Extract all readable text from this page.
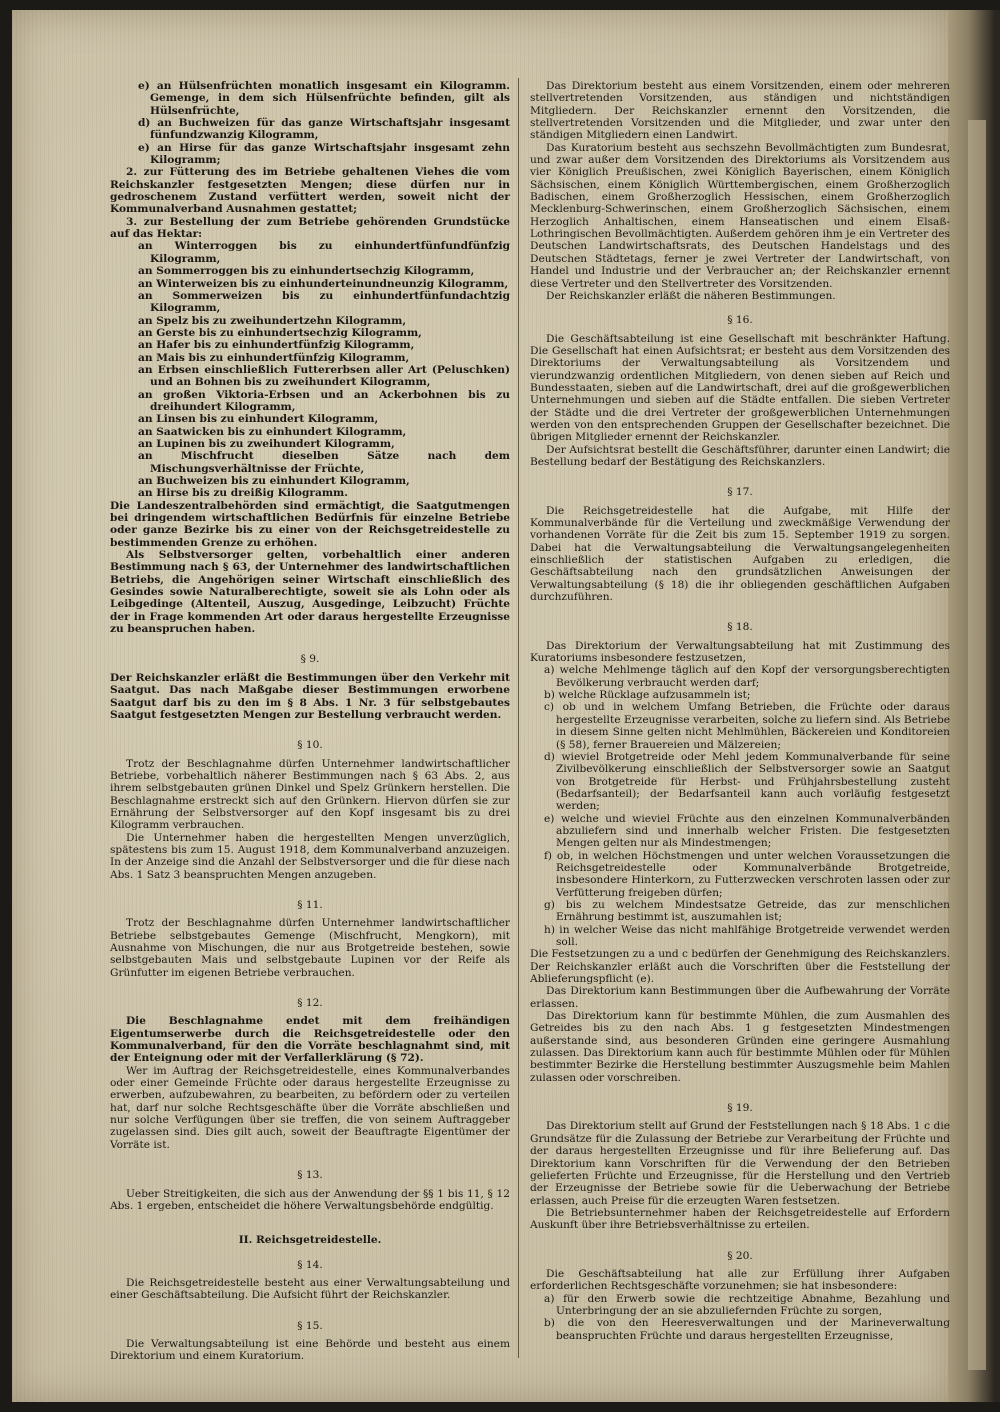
e) an Hülsenfrüchten monatlich insgesamt ein Kilogramm. Gemenge, in dem sich Hülsenfrüchte befinden, gilt als Hülsenfrüchte,

d) an Buchweizen für das ganze Wirtschaftsjahr insgesamt fünfundzwanzig Kilogramm,

e) an Hirse für das ganze Wirtschaftsjahr insgesamt zehn Kilogramm;

2. zur Fütterung des im Betriebe gehaltenen Viehes die vom Reichskanzler festgesetzten Mengen; diese dürfen nur in gedroschenem Zustand verfüttert werden, soweit nicht der Kommunalverband Ausnahmen gestattet;

3. zur Bestellung der zum Betriebe gehörenden Grundstücke auf das Hektar:

an Winterroggen bis zu einhundertfünfundfünfzig Kilogramm,

an Sommerroggen bis zu einhundertsechzig Kilogramm,

an Winterweizen bis zu einhunderteinundneunzig Kilogramm,

an Sommerweizen bis zu einhundertfünfundachtzig Kilogramm,

an Spelz bis zu zweihundertzehn Kilogramm,

an Gerste bis zu einhundertsechzig Kilogramm,

an Hafer bis zu einhundertfünfzig Kilogramm,

an Mais bis zu einhundertfünfzig Kilogramm,

an Erbsen einschließlich Futtererbsen aller Art (Peluschken) und an Bohnen bis zu zweihundert Kilogramm,

an großen Viktoria-Erbsen und an Ackerbohnen bis zu dreihundert Kilogramm,

an Linsen bis zu einhundert Kilogramm,

an Saatwicken bis zu einhundert Kilogramm,

an Lupinen bis zu zweihundert Kilogramm,

an Mischfrucht dieselben Sätze nach dem Mischungsverhältnisse der Früchte,

an Buchweizen bis zu einhundert Kilogramm,

an Hirse bis zu dreißig Kilogramm.

Die Landeszentralbehörden sind ermächtigt, die Saatgutmengen bei dringendem wirtschaftlichen Bedürfnis für einzelne Betriebe oder ganze Bezirke bis zu einer von der Reichsgetreidestelle zu bestimmenden Grenze zu erhöhen.

Als Selbstversorger gelten, vorbehaltlich einer anderen Bestimmung nach § 63, der Unternehmer des landwirtschaftlichen Betriebs, die Angehörigen seiner Wirtschaft einschließlich des Gesindes sowie Naturalberechtigte, soweit sie als Lohn oder als Leibgedinge (Altenteil, Auszug, Ausgedinge, Leibzucht) Früchte der in Frage kommenden Art oder daraus hergestellte Erzeugnisse zu beanspruchen haben.

§ 9.

Der Reichskanzler erläßt die Bestimmungen über den Verkehr mit Saatgut. Das nach Maßgabe dieser Bestimmungen erworbene Saatgut darf bis zu den im § 8 Abs. 1 Nr. 3 für selbstgebautes Saatgut festgesetzten Mengen zur Bestellung verbraucht werden.

§ 10.

Trotz der Beschlagnahme dürfen Unternehmer landwirtschaftlicher Betriebe, vorbehaltlich näherer Bestimmungen nach § 63 Abs. 2, aus ihrem selbstgebauten grünen Dinkel und Spelz Grünkern herstellen. Die Beschlagnahme erstreckt sich auf den Grünkern. Hiervon dürfen sie zur Ernährung der Selbstversorger auf den Kopf insgesamt bis zu drei Kilogramm verbrauchen.

Die Unternehmer haben die hergestellten Mengen unverzüglich, spätestens bis zum 15. August 1918, dem Kommunalverband anzuzeigen. In der Anzeige sind die Anzahl der Selbstversorger und die für diese nach Abs. 1 Satz 3 beanspruchten Mengen anzugeben.

§ 11.

Trotz der Beschlagnahme dürfen Unternehmer landwirtschaftlicher Betriebe selbstgebautes Gemenge (Mischfrucht, Mengkorn), mit Ausnahme von Mischungen, die nur aus Brotgetreide bestehen, sowie selbstgebauten Mais und selbstgebaute Lupinen vor der Reife als Grünfutter im eigenen Betriebe verbrauchen.

§ 12.

Die Beschlagnahme endet mit dem freihändigen Eigentumserwerbe durch die Reichsgetreidestelle oder den Kommunalverband, für den die Vorräte beschlagnahmt sind, mit der Enteignung oder mit der Verfallerklärung (§ 72).

Wer im Auftrag der Reichsgetreidestelle, eines Kommunalverbandes oder einer Gemeinde Früchte oder daraus hergestellte Erzeugnisse zu erwerben, aufzubewahren, zu bearbeiten, zu befördern oder zu verteilen hat, darf nur solche Rechtsgeschäfte über die Vorräte abschließen und nur solche Verfügungen über sie treffen, die von seinem Auftraggeber zugelassen sind. Dies gilt auch, soweit der Beauftragte Eigentümer der Vorräte ist.

§ 13.

Ueber Streitigkeiten, die sich aus der Anwendung der §§ 1 bis 11, § 12 Abs. 1 ergeben, entscheidet die höhere Verwaltungsbehörde endgültig.

II. Reichsgetreidestelle.

§ 14.

Die Reichsgetreidestelle besteht aus einer Verwaltungsabteilung und einer Geschäftsabteilung. Die Aufsicht führt der Reichskanzler.

§ 15.

Die Verwaltungsabteilung ist eine Behörde und besteht aus einem Direktorium und einem Kuratorium.

Das Direktorium besteht aus einem Vorsitzenden, einem oder mehreren stellvertretenden Vorsitzenden, aus ständigen und nichtständigen Mitgliedern. Der Reichskanzler ernennt den Vorsitzenden, die stellvertretenden Vorsitzenden und die Mitglieder, und zwar unter den ständigen Mitgliedern einen Landwirt.

Das Kuratorium besteht aus sechszehn Bevollmächtigten zum Bundesrat, und zwar außer dem Vorsitzenden des Direktoriums als Vorsitzendem aus vier Königlich Preußischen, zwei Königlich Bayerischen, einem Königlich Sächsischen, einem Königlich Württembergischen, einem Großherzoglich Badischen, einem Großherzoglich Hessischen, einem Großherzoglich Mecklenburg-Schwerinschen, einem Großherzoglich Sächsischen, einem Herzoglich Anhaltischen, einem Hanseatischen und einem Elsaß-Lothringischen Bevollmächtigten. Außerdem gehören ihm je ein Vertreter des Deutschen Landwirtschaftsrats, des Deutschen Handelstags und des Deutschen Städtetags, ferner je zwei Vertreter der Landwirtschaft, von Handel und Industrie und der Verbraucher an; der Reichskanzler ernennt diese Vertreter und den Stellvertreter des Vorsitzenden.

Der Reichskanzler erläßt die näheren Bestimmungen.

§ 16.

Die Geschäftsabteilung ist eine Gesellschaft mit beschränkter Haftung. Die Gesellschaft hat einen Aufsichtsrat; er besteht aus dem Vorsitzenden des Direktoriums der Verwaltungsabteilung als Vorsitzendem und vierundzwanzig ordentlichen Mitgliedern, von denen sieben auf Reich und Bundesstaaten, sieben auf die Landwirtschaft, drei auf die großgewerblichen Unternehmungen und sieben auf die Städte entfallen. Die sieben Vertreter der Städte und die drei Vertreter der großgewerblichen Unternehmungen werden von den entsprechenden Gruppen der Gesellschafter bezeichnet. Die übrigen Mitglieder ernennt der Reichskanzler.

Der Aufsichtsrat bestellt die Geschäftsführer, darunter einen Landwirt; die Bestellung bedarf der Bestätigung des Reichskanzlers.

§ 17.

Die Reichsgetreidestelle hat die Aufgabe, mit Hilfe der Kommunalverbände für die Verteilung und zweckmäßige Verwendung der vorhandenen Vorräte für die Zeit bis zum 15. September 1919 zu sorgen. Dabei hat die Verwaltungsabteilung die Verwaltungsangelegenheiten einschließlich der statistischen Aufgaben zu erledigen, die Geschäftsabteilung nach den grundsätzlichen Anweisungen der Verwaltungsabteilung (§ 18) die ihr obliegenden geschäftlichen Aufgaben durchzuführen.

§ 18.

Das Direktorium der Verwaltungsabteilung hat mit Zustimmung des Kuratoriums insbesondere festzusetzen,

a) welche Mehlmenge täglich auf den Kopf der versorgungsberechtigten Bevölkerung verbraucht werden darf;

b) welche Rücklage aufzusammeln ist;

c) ob und in welchem Umfang Betrieben, die Früchte oder daraus hergestellte Erzeugnisse verarbeiten, solche zu liefern sind. Als Betriebe in diesem Sinne gelten nicht Mehlmühlen, Bäckereien und Konditoreien (§ 58), ferner Brauereien und Mälzereien;

d) wieviel Brotgetreide oder Mehl jedem Kommunalverbande für seine Zivilbevölkerung einschließlich der Selbstversorger sowie an Saatgut von Brotgetreide für Herbst- und Frühjahrsbestellung zusteht (Bedarfsanteil); der Bedarfsanteil kann auch vorläufig festgesetzt werden;

e) welche und wieviel Früchte aus den einzelnen Kommunalverbänden abzuliefern sind und innerhalb welcher Fristen. Die festgesetzten Mengen gelten nur als Mindestmengen;

f) ob, in welchen Höchstmengen und unter welchen Voraussetzungen die Reichsgetreidestelle oder Kommunalverbände Brotgetreide, insbesondere Hinterkorn, zu Futterzwecken verschroten lassen oder zur Verfütterung freigeben dürfen;

g) bis zu welchem Mindestsatze Getreide, das zur menschlichen Ernährung bestimmt ist, auszumahlen ist;

h) in welcher Weise das nicht mahlfähige Brotgetreide verwendet werden soll.

Die Festsetzungen zu a und c bedürfen der Genehmigung des Reichskanzlers. Der Reichskanzler erläßt auch die Vorschriften über die Feststellung der Ablieferungspflicht (e).

Das Direktorium kann Bestimmungen über die Aufbewahrung der Vorräte erlassen.

Das Direktorium kann für bestimmte Mühlen, die zum Ausmahlen des Getreides bis zu den nach Abs. 1 g festgesetzten Mindestmengen außerstande sind, aus besonderen Gründen eine geringere Ausmahlung zulassen. Das Direktorium kann auch für bestimmte Mühlen oder für Mühlen bestimmter Bezirke die Herstellung bestimmter Auszugsmehle beim Mahlen zulassen oder vorschreiben.

§ 19.

Das Direktorium stellt auf Grund der Feststellungen nach § 18 Abs. 1 c die Grundsätze für die Zulassung der Betriebe zur Verarbeitung der Früchte und der daraus hergestellten Erzeugnisse und für ihre Belieferung auf. Das Direktorium kann Vorschriften für die Verwendung der den Betrieben gelieferten Früchte und Erzeugnisse, für die Herstellung und den Vertrieb der Erzeugnisse der Betriebe sowie für die Ueberwachung der Betriebe erlassen, auch Preise für die erzeugten Waren festsetzen.

Die Betriebsunternehmer haben der Reichsgetreidestelle auf Erfordern Auskunft über ihre Betriebsverhältnisse zu erteilen.

§ 20.

Die Geschäftsabteilung hat alle zur Erfüllung ihrer Aufgaben erforderlichen Rechtsgeschäfte vorzunehmen; sie hat insbesondere:

a) für den Erwerb sowie die rechtzeitige Abnahme, Bezahlung und Unterbringung der an sie abzuliefernden Früchte zu sorgen,

b) die von den Heeresverwaltungen und der Marineverwaltung beanspruchten Früchte und daraus hergestellten Erzeugnisse,
